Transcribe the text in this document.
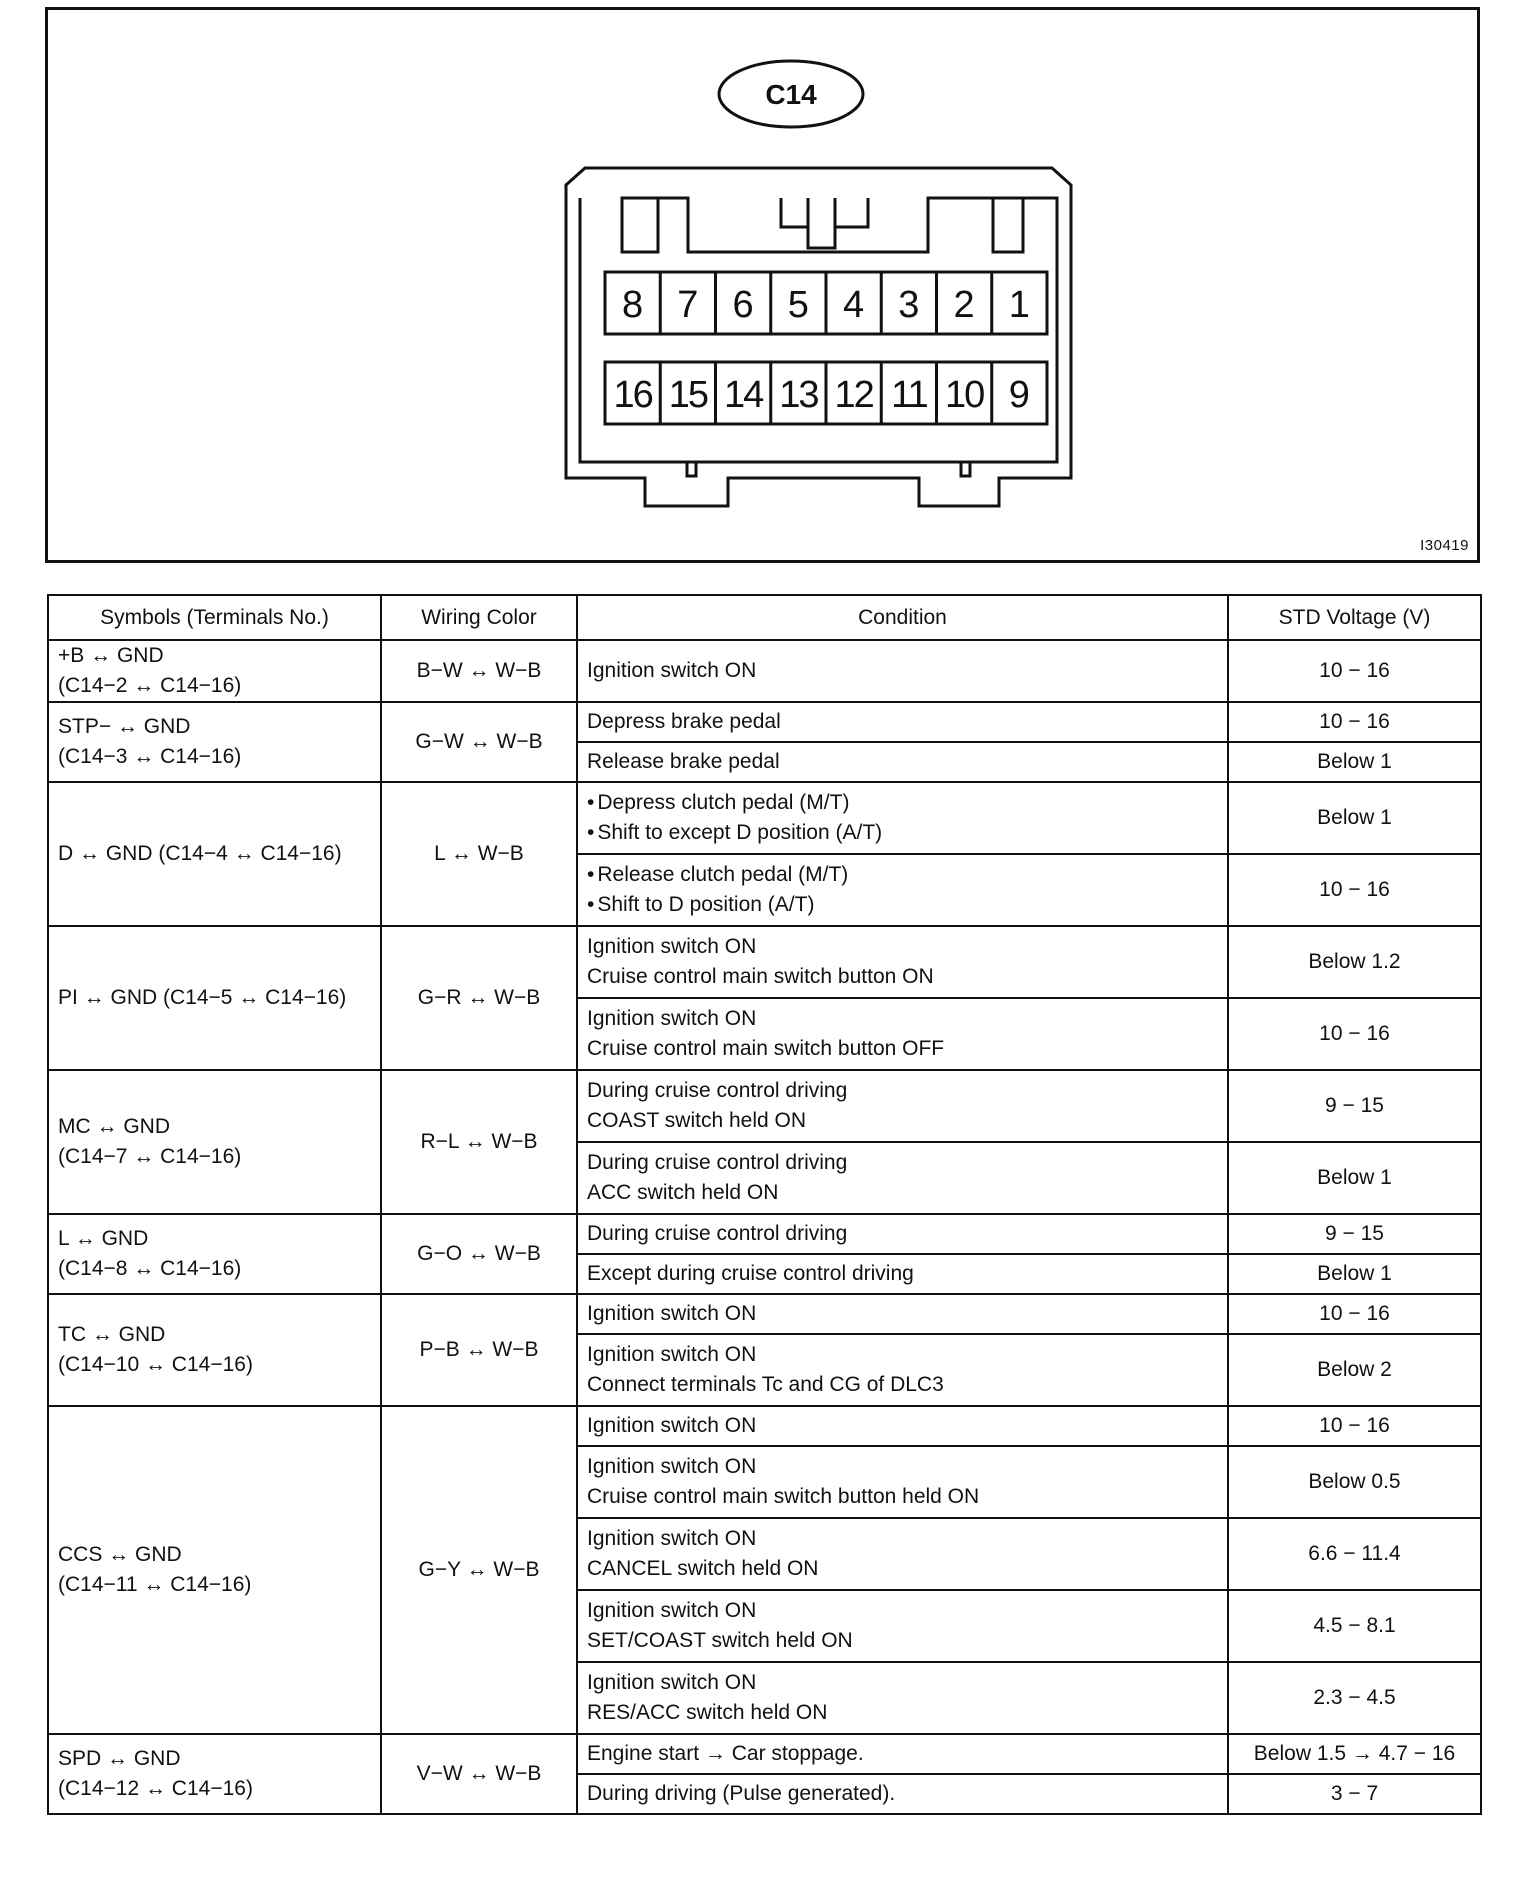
C14
8 7 6 5 4 3 2 1
16 15 14 13 12 11 10 9
I30419
Symbols (Terminals No.)	Wiring Color	Condition	STD Voltage (V)

+B ↔ GND
(C14−2 ↔ C14−16)	B−W ↔ W−B	Ignition switch ON	10 − 16

STP− ↔ GND
(C14−3 ↔ C14−16)	G−W ↔ W−B	Depress brake pedal	10 − 16

		Release brake pedal	Below 1

D ↔ GND (C14−4 ↔ C14−16)	L ↔ W−B	• Depress clutch pedal (M/T)
• Shift to except D position (A/T)	Below 1

		• Release clutch pedal (M/T)
• Shift to D position (A/T)	10 − 16

PI ↔ GND (C14−5 ↔ C14−16)	G−R ↔ W−B	Ignition switch ON
Cruise control main switch button ON	Below 1.2

		Ignition switch ON
Cruise control main switch button OFF	10 − 16

MC ↔ GND
(C14−7 ↔ C14−16)	R−L ↔ W−B	During cruise control driving
COAST switch held ON	9 − 15

		During cruise control driving
ACC switch held ON	Below 1

L ↔ GND
(C14−8 ↔ C14−16)	G−O ↔ W−B	During cruise control driving	9 − 15

		Except during cruise control driving	Below 1

TC ↔ GND
(C14−10 ↔ C14−16)	P−B ↔ W−B	Ignition switch ON	10 − 16

		Ignition switch ON
Connect terminals Tc and CG of DLC3	Below 2

CCS ↔ GND
(C14−11 ↔ C14−16)	G−Y ↔ W−B	Ignition switch ON	10 − 16

		Ignition switch ON
Cruise control main switch button held ON	Below 0.5

		Ignition switch ON
CANCEL switch held ON	6.6 − 11.4

		Ignition switch ON
SET/COAST switch held ON	4.5 − 8.1

		Ignition switch ON
RES/ACC switch held ON	2.3 − 4.5

SPD ↔ GND
(C14−12 ↔ C14−16)	V−W ↔ W−B	Engine start → Car stoppage.	Below 1.5 → 4.7 − 16

		During driving (Pulse generated).	3 − 7
